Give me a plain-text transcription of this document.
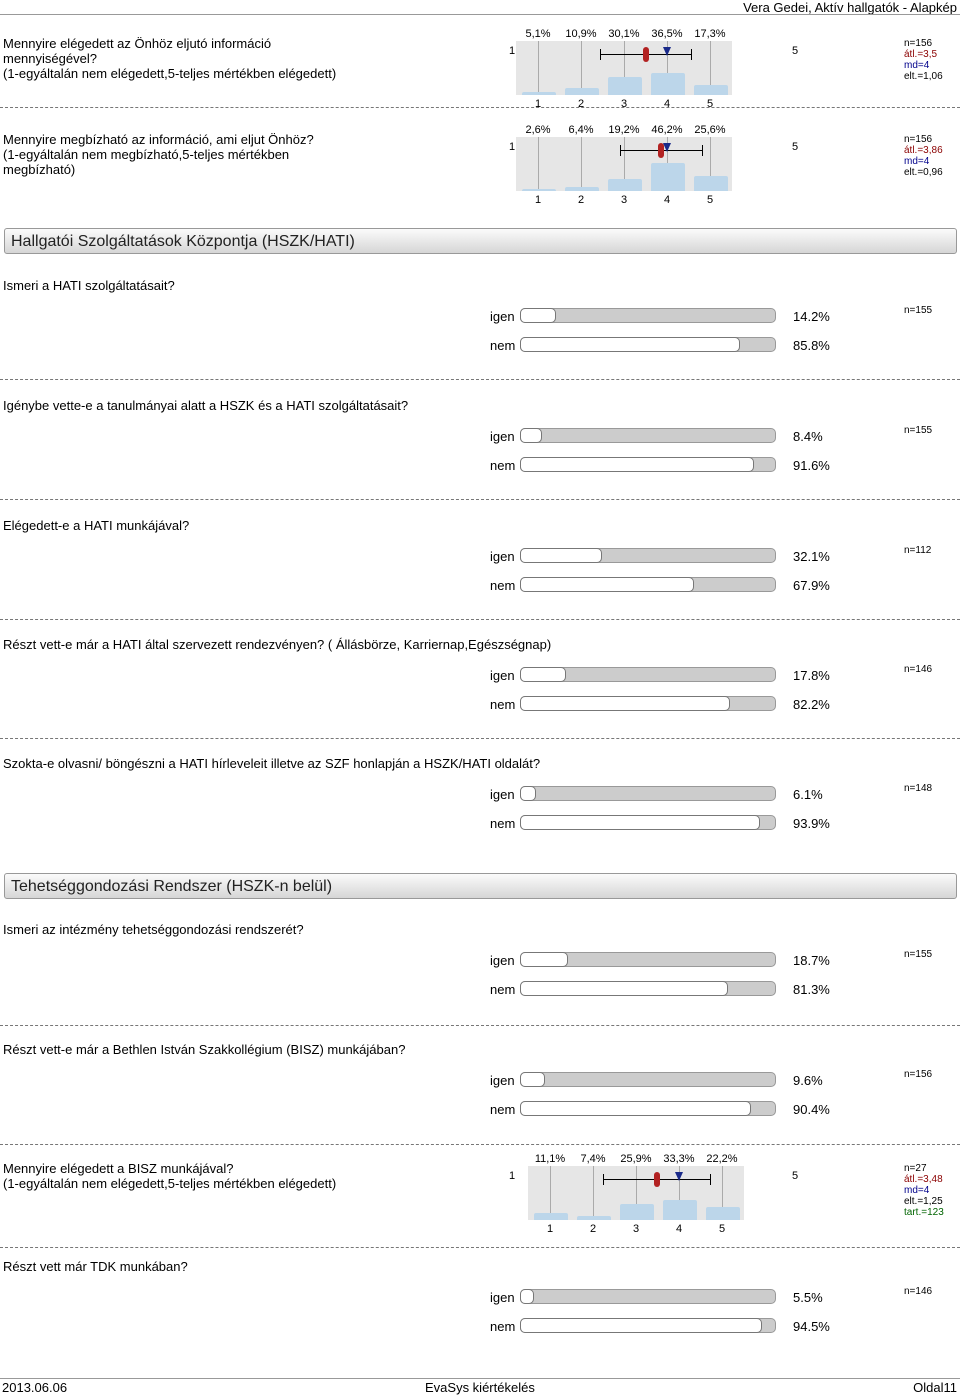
Vera Gedei, Aktív hallgatók - Alapkép
Mennyire elégedett az Önhöz eljutó információ
mennyiségével?
(1-egyáltalán nem elégedett,5-teljes mértékben elégedett)
1	5
5,1%
1
10,9%
2
30,1%
3
36,5%
4
17,3%
5
n=156
átl.=3,5
md=4
elt.=1,06
Mennyire megbízható az információ, ami eljut Önhöz?
(1-egyáltalán nem megbízható,5-teljes mértékben
megbízható)
1	5
2,6%
1
6,4%
2
19,2%
3
46,2%
4
25,6%
5
n=156
átl.=3,86
md=4
elt.=0,96
Mennyire elégedett a BISZ munkájával?
(1-egyáltalán nem elégedett,5-teljes mértékben elégedett)	1	5
11,1%
1
7,4%
2
25,9%
3
33,3%
4
22,2%
5
n=27
átl.=3,48
md=4
elt.=1,25
tart.=123
Hallgatói Szolgáltatások Központja (HSZK/HATI)
Tehetséggondozási Rendszer (HSZK-n belül)
Ismeri a HATI szolgáltatásait?
igen	14.2%
nem	85.8%
n=155
Igénybe vette-e a tanulmányai alatt a HSZK és a HATI szolgáltatásait?
igen	8.4%
nem	91.6%
n=155
Elégedett-e a HATI munkájával?
igen	32.1%
nem	67.9%
n=112
Részt vett-e már a HATI által szervezett rendezvényen? ( Állásbörze, Karriernap,Egészségnap)
igen	17.8%
nem	82.2%
n=146
Szokta-e olvasni/ böngészni a HATI hírleveleit illetve az SZF honlapján a HSZK/HATI oldalát?
igen	6.1%
nem	93.9%
n=148
Ismeri az intézmény tehetséggondozási rendszerét?
igen	18.7%
nem	81.3%
n=155
Részt vett-e már a Bethlen István Szakkollégium (BISZ) munkájában?
igen	9.6%
nem	90.4%
n=156
Részt vett már TDK munkában?
igen	5.5%
nem	94.5%
n=146
2013.06.06	EvaSys kiértékelés	Oldal11
